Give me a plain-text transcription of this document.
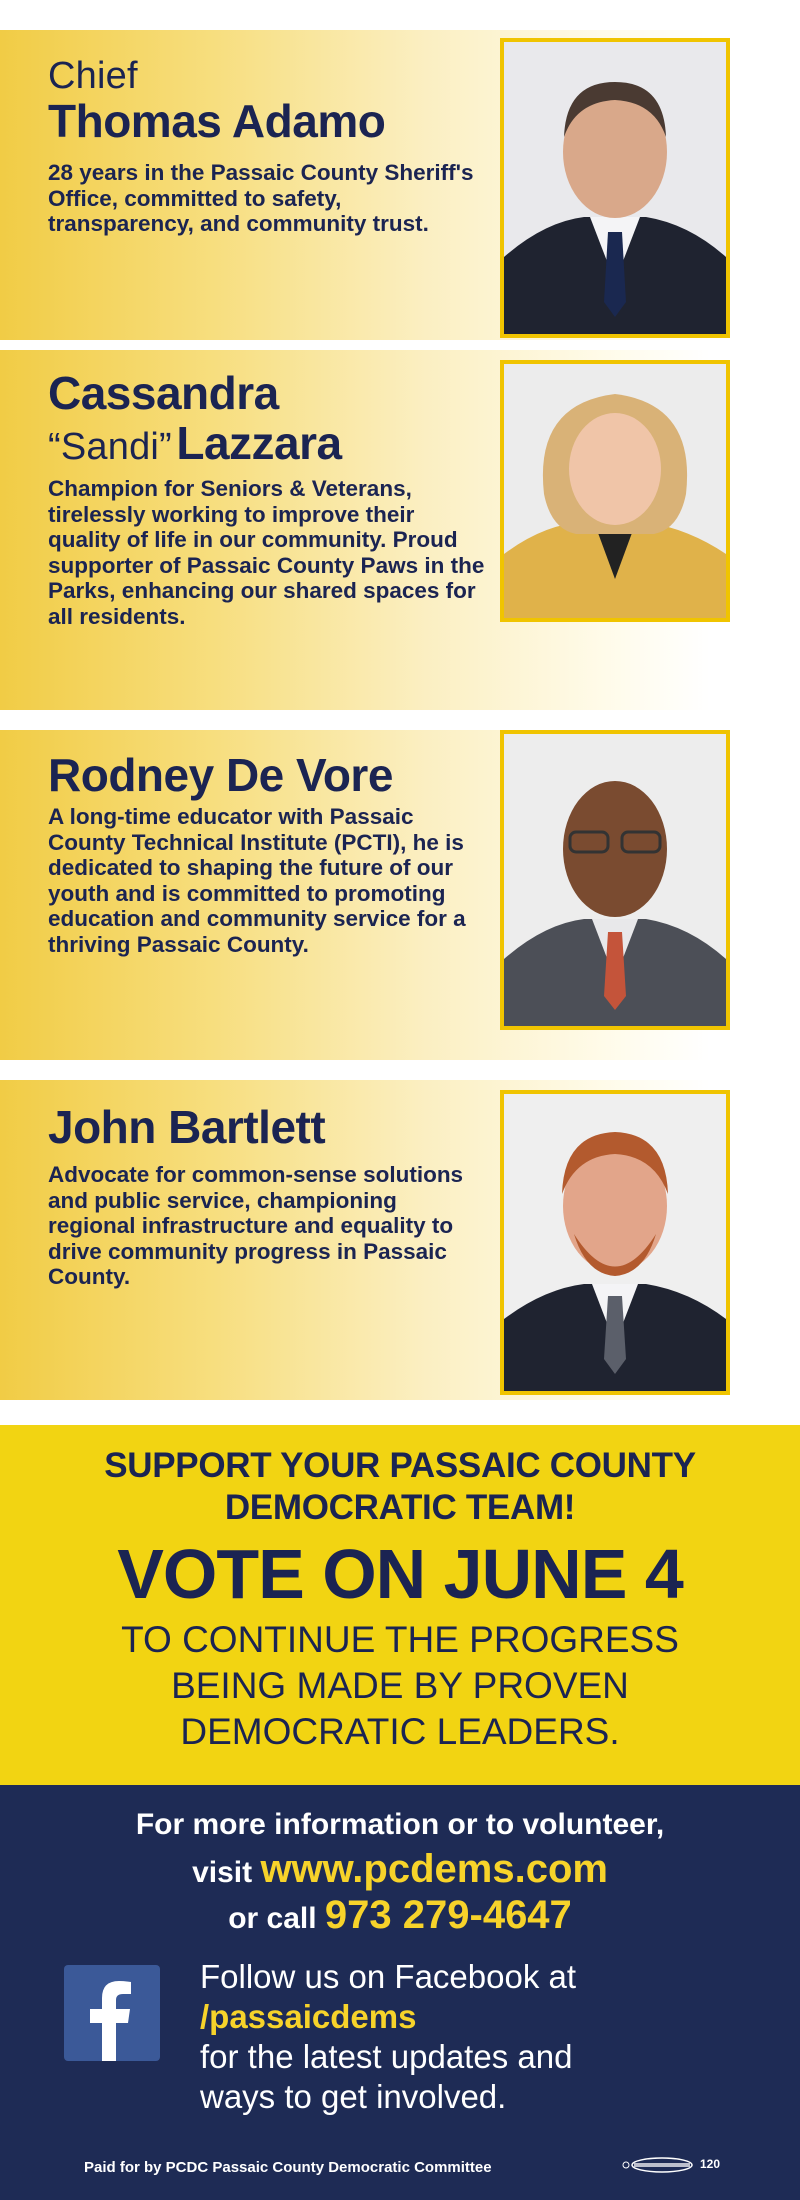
Chief
Thomas Adamo
28 years in the Passaic County Sheriff's Office, committed to safety, transparency, and community trust.
Cassandra
“Sandi” Lazzara
Champion for Seniors & Veterans, tirelessly working to improve their quality of life in our community. Proud supporter of Passaic County Paws in the Parks, enhancing our shared spaces for all residents.
Rodney De Vore
A long-time educator with Passaic County Technical Institute (PCTI), he is dedicated to shaping the future of our youth and is committed to promoting education and community service for a thriving Passaic County.
John Bartlett
Advocate for common-sense solutions and public service, championing regional infrastructure and equality to drive community progress in Passaic County.
SUPPORT YOUR PASSAIC COUNTY
DEMOCRATIC TEAM!
VOTE ON JUNE 4
TO CONTINUE THE PROGRESS
BEING MADE BY PROVEN
DEMOCRATIC LEADERS.
For more information or to volunteer,
visit www.pcdems.com
or call 973 279-4647
Follow us on Facebook at
/passaicdems
for the latest updates and
ways to get involved.
Paid for by PCDC Passaic County Democratic Committee	120
